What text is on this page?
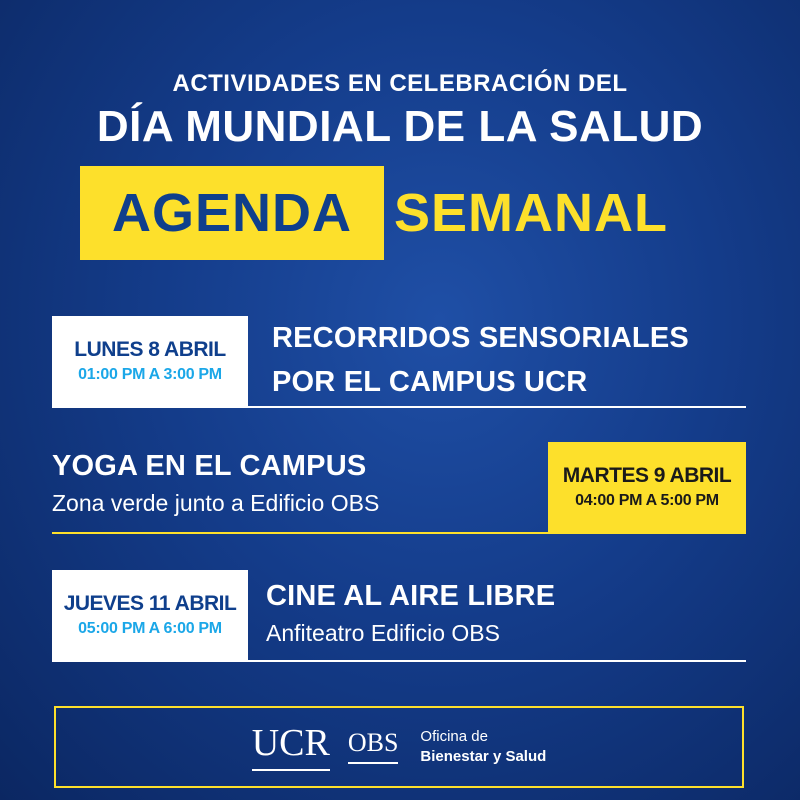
ACTIVIDADES EN CELEBRACIÓN DEL
DÍA MUNDIAL DE LA SALUD
AGENDA SEMANAL
LUNES 8 ABRIL
01:00 PM A 3:00 PM
RECORRIDOS SENSORIALES
POR EL CAMPUS UCR
YOGA EN EL CAMPUS
Zona verde junto a Edificio OBS
MARTES 9 ABRIL
04:00 PM A 5:00 PM
JUEVES 11 ABRIL
05:00 PM A 6:00 PM
CINE AL AIRE LIBRE
Anfiteatro Edificio OBS
UCR OBS Oficina de
Bienestar y Salud
